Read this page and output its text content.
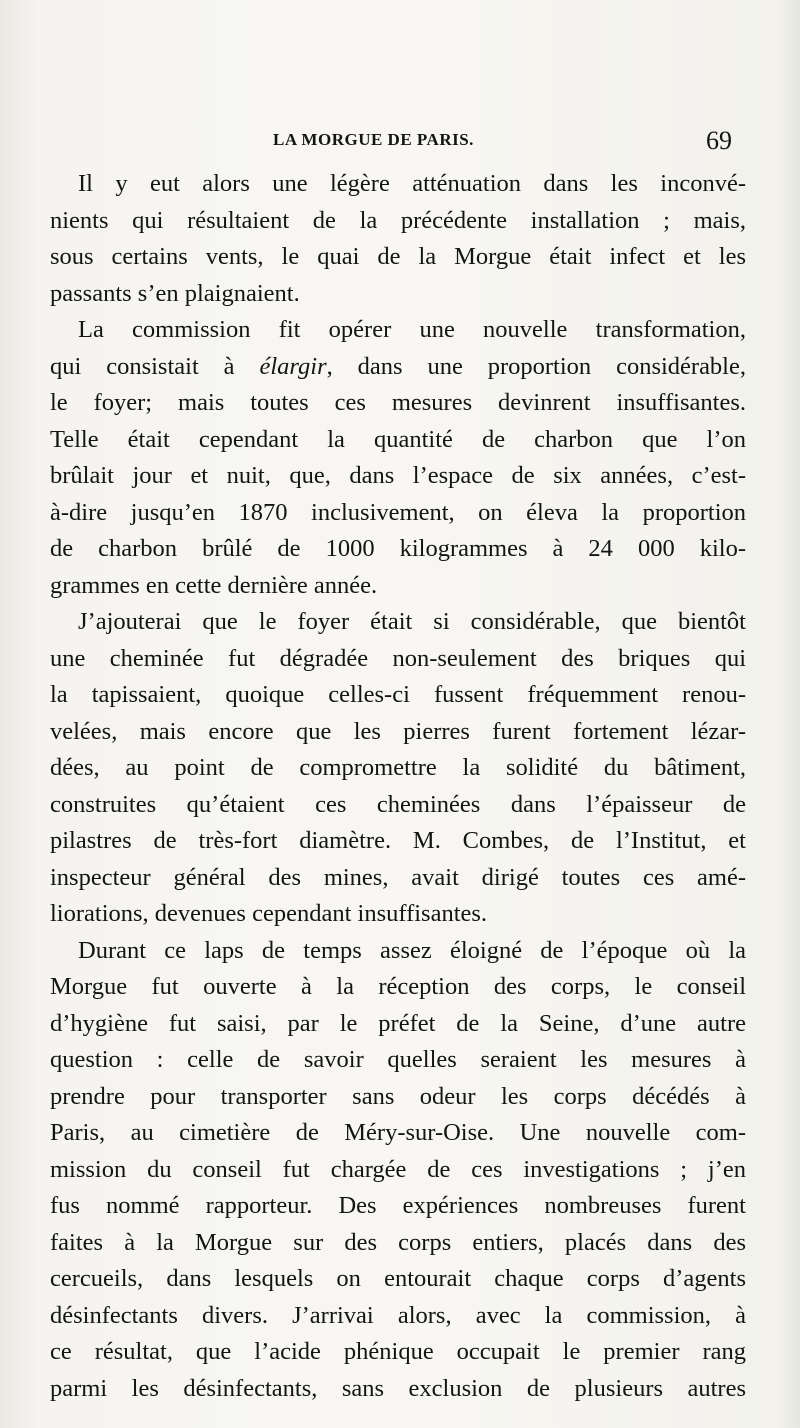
LA MORGUE DE PARIS.	69
Il y eut alors une légère atténuation dans les inconvé-
nients qui résultaient de la précédente installation ; mais,
sous certains vents, le quai de la Morgue était infect et les
passants s’en plaignaient.
La commission fit opérer une nouvelle transformation,
qui consistait à élargir, dans une proportion considérable,
le foyer; mais toutes ces mesures devinrent insuffisantes.
Telle était cependant la quantité de charbon que l’on
brûlait jour et nuit, que, dans l’espace de six années, c’est-
à-dire jusqu’en 1870 inclusivement, on éleva la proportion
de charbon brûlé de 1000 kilogrammes à 24 000 kilo-
grammes en cette dernière année.
J’ajouterai que le foyer était si considérable, que bientôt
une cheminée fut dégradée non-seulement des briques qui
la tapissaient, quoique celles-ci fussent fréquemment renou-
velées, mais encore que les pierres furent fortement lézar-
dées, au point de compromettre la solidité du bâtiment,
construites qu’étaient ces cheminées dans l’épaisseur de
pilastres de très-fort diamètre. M. Combes, de l’Institut, et
inspecteur général des mines, avait dirigé toutes ces amé-
liorations, devenues cependant insuffisantes.
Durant ce laps de temps assez éloigné de l’époque où la
Morgue fut ouverte à la réception des corps, le conseil
d’hygiène fut saisi, par le préfet de la Seine, d’une autre
question : celle de savoir quelles seraient les mesures à
prendre pour transporter sans odeur les corps décédés à
Paris, au cimetière de Méry-sur-Oise. Une nouvelle com-
mission du conseil fut chargée de ces investigations ; j’en
fus nommé rapporteur. Des expériences nombreuses furent
faites à la Morgue sur des corps entiers, placés dans des
cercueils, dans lesquels on entourait chaque corps d’agents
désinfectants divers. J’arrivai alors, avec la commission, à
ce résultat, que l’acide phénique occupait le premier rang
parmi les désinfectants, sans exclusion de plusieurs autres
